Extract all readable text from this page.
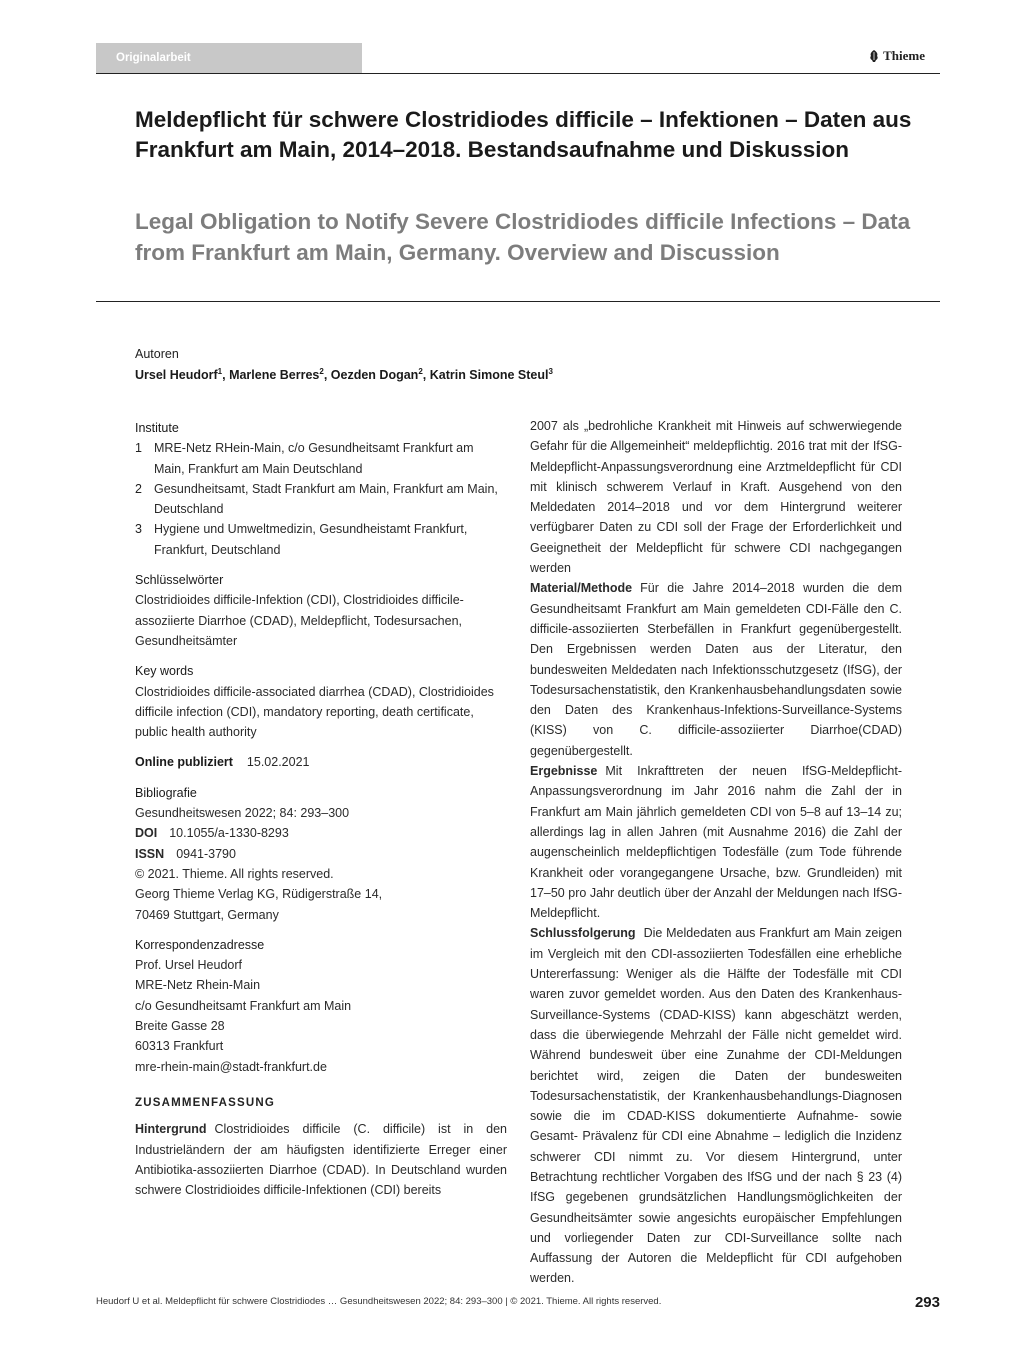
Originalarbeit	Thieme
Meldepflicht für schwere Clostridiodes difficile – Infektionen – Daten aus Frankfurt am Main, 2014–2018. Bestandsaufnahme und Diskussion
Legal Obligation to Notify Severe Clostridiodes difficile Infections – Data from Frankfurt am Main, Germany. Overview and Discussion
Autoren
Ursel Heudorf$^1$, Marlene Berres$^2$, Oezden Dogan$^2$, Katrin Simone Steul$^3$
Institute
1 MRE-Netz RHein-Main, c/o Gesundheitsamt Frankfurt am Main, Frankfurt am Main Deutschland
2 Gesundheitsamt, Stadt Frankfurt am Main, Frankfurt am Main, Deutschland
3 Hygiene und Umweltmedizin, Gesundheistamt Frankfurt, Frankfurt, Deutschland
Schlüsselwörter
Clostridioides difficile-Infektion (CDI), Clostridioides difficile-assoziierte Diarrhoe (CDAD), Meldepflicht, Todesursachen, Gesundheitsämter
Key words
Clostridioides difficile-associated diarrhea (CDAD), Clostridioides difficile infection (CDI), mandatory reporting, death certificate, public health authority
Online publiziert 15.02.2021
Bibliografie
Gesundheitswesen 2022; 84: 293–300
DOI 10.1055/a-1330-8293
ISSN 0941-3790
© 2021. Thieme. All rights reserved.
Georg Thieme Verlag KG, Rüdigerstraße 14,
70469 Stuttgart, Germany
Korrespondenzadresse
Prof. Ursel Heudorf
MRE-Netz Rhein-Main
c/o Gesundheitsamt Frankfurt am Main
Breite Gasse 28
60313 Frankfurt
mre-rhein-main@stadt-frankfurt.de
ZUSAMMENFASSUNG

Hintergrund Clostridioides difficile (C. difficile) ist in den Industrieländern der am häufigsten identifizierte Erreger einer Antibiotika-assoziierten Diarrhoe (CDAD). In Deutschland wurden schwere Clostridioides difficile-Infektionen (CDI) bereits

2007 als „bedrohliche Krankheit mit Hinweis auf schwerwiegende Gefahr für die Allgemeinheit“ meldepflichtig. 2016 trat mit der IfSG-Meldepflicht-Anpassungsverordnung eine Arztmeldepflicht für CDI mit klinisch schwerem Verlauf in Kraft. Ausgehend von den Meldedaten 2014–2018 und vor dem Hintergrund weiterer verfügbarer Daten zu CDI soll der Frage der Erforderlichkeit und Geeignetheit der Meldepflicht für schwere CDI nachgegangen werden

Material/Methode Für die Jahre 2014–2018 wurden die dem Gesundheitsamt Frankfurt am Main gemeldeten CDI-Fälle den C. difficile-assoziierten Sterbefällen in Frankfurt gegenübergestellt. Den Ergebnissen werden Daten aus der Literatur, den bundesweiten Meldedaten nach Infektionsschutzgesetz (IfSG), der Todesursachenstatistik, den Krankenhausbehandlungsdaten sowie den Daten des Krankenhaus-Infektions-Surveillance-Systems (KISS) von C. difficile-assoziierter Diarrhoe(CDAD) gegenübergestellt.

Ergebnisse Mit Inkrafttreten der neuen IfSG-Meldepflicht-Anpassungsverordnung im Jahr 2016 nahm die Zahl der in Frankfurt am Main jährlich gemeldeten CDI von 5–8 auf 13–14 zu; allerdings lag in allen Jahren (mit Ausnahme 2016) die Zahl der augenscheinlich meldepflichtigen Todesfälle (zum Tode führende Krankheit oder vorangegangene Ursache, bzw. Grundleiden) mit 17–50 pro Jahr deutlich über der Anzahl der Meldungen nach IfSG-Meldepflicht.

Schlussfolgerung Die Meldedaten aus Frankfurt am Main zeigen im Vergleich mit den CDI-assoziierten Todesfällen eine erhebliche Untererfassung: Weniger als die Hälfte der Todesfälle mit CDI waren zuvor gemeldet worden. Aus den Daten des Krankenhaus-Surveillance-Systems (CDAD-KISS) kann abgeschätzt werden, dass die überwiegende Mehrzahl der Fälle nicht gemeldet wird. Während bundesweit über eine Zunahme der CDI-Meldungen berichtet wird, zeigen die Daten der bundesweiten Todesursachenstatistik, der Krankenhausbehandlungs-Diagnosen sowie die im CDAD-KISS dokumentierte Aufnahme- sowie Gesamt- Prävalenz für CDI eine Abnahme – lediglich die Inzidenz schwerer CDI nimmt zu. Vor diesem Hintergrund, unter Betrachtung rechtlicher Vorgaben des IfSG und der nach § 23 (4) IfSG gegebenen grundsätzlichen Handlungsmöglichkeiten der Gesundheitsämter sowie angesichts europäischer Empfehlungen und vorliegender Daten zur CDI-Surveillance sollte nach Auffassung der Autoren die Meldepflicht für CDI aufgehoben werden.

Heudorf U et al. Meldepflicht für schwere Clostridiodes … Gesundheitswesen 2022; 84: 293–300 | © 2021. Thieme. All rights reserved.	293
